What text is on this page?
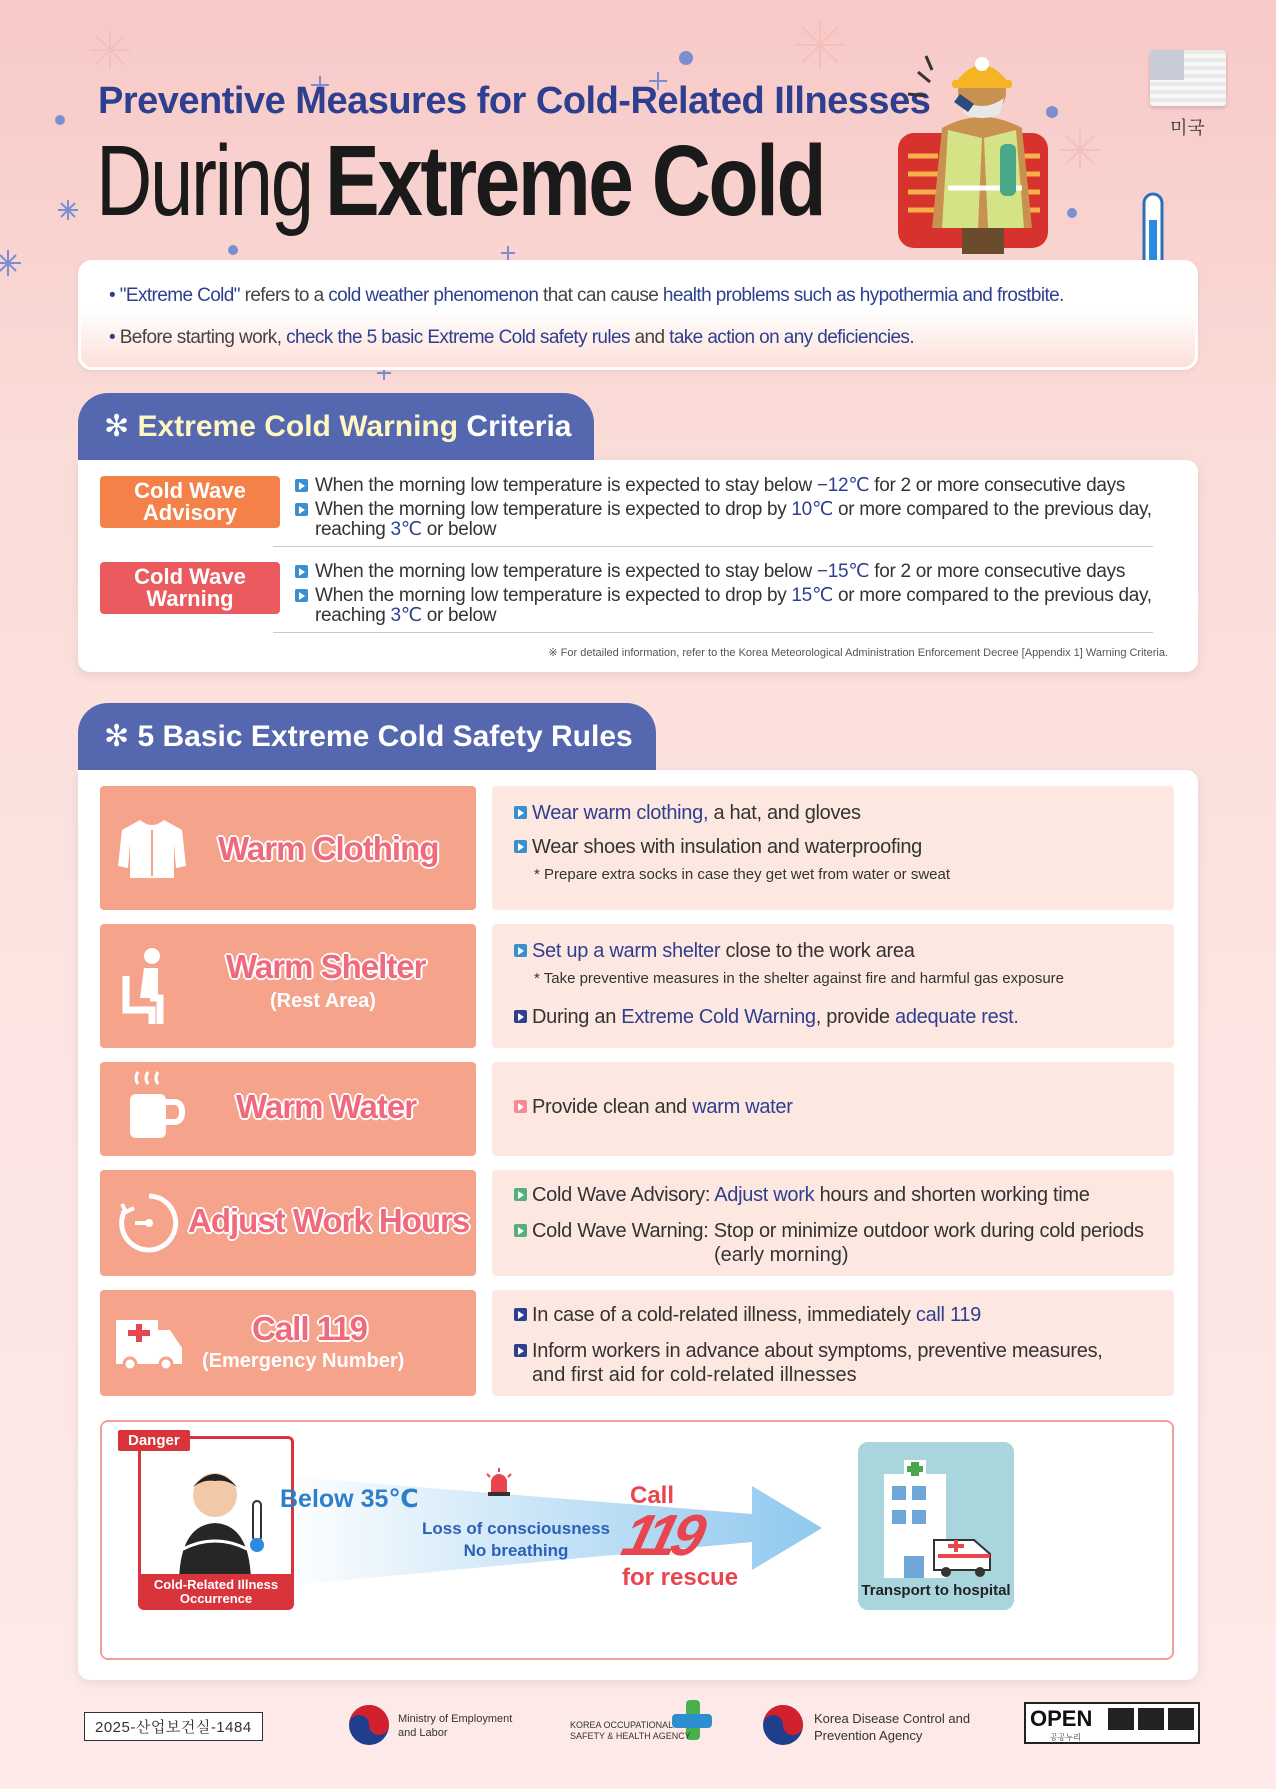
Preventive Measures for Cold-Related Illnesses
During Extreme Cold	미국

• "Extreme Cold" refers to a cold weather phenomenon that can cause health problems such as hypothermia and frostbite.

• Before starting work, check the 5 basic Extreme Cold safety rules and take action on any deficiencies.

✻ Extreme Cold Warning Criteria
Cold Wave
Advisory
When the morning low temperature is expected to stay below −12℃ for 2 or more consecutive days
When the morning low temperature is expected to drop by 10℃ or more compared to the previous day,
reaching 3℃ or below
Cold Wave
Warning
When the morning low temperature is expected to stay below −15℃ for 2 or more consecutive days
When the morning low temperature is expected to drop by 15℃ or more compared to the previous day,
reaching 3℃ or below
※ For detailed information, refer to the Korea Meteorological Administration Enforcement Decree [Appendix 1] Warning Criteria.
✻ 5 Basic Extreme Cold Safety Rules
Warm Clothing
Wear warm clothing, a hat, and gloves
Wear shoes with insulation and waterproofing
* Prepare extra socks in case they get wet from water or sweat
Warm Shelter
(Rest Area)
Set up a warm shelter close to the work area
* Take preventive measures in the shelter against fire and harmful gas exposure
During an Extreme Cold Warning, provide adequate rest.
Warm Water	Provide clean and warm water
Adjust Work Hours
Cold Wave Advisory: Adjust work hours and shorten working time
Cold Wave Warning: Stop or minimize outdoor work during cold periods
(early morning)
Call 119
(Emergency Number)
In case of a cold-related illness, immediately call 119
Inform workers in advance about symptoms, preventive measures,
and first aid for cold-related illnesses
Danger
Cold-Related Illness
Occurrence
Below 35℃
Loss of consciousness
No breathing
Call
119
for rescue	Transport to hospital
2025-산업보건실-1484	Ministry of Employment
and Labor
KOREA OCCUPATIONAL
SAFETY & HEALTH AGENCY
Korea Disease Control and
Prevention Agency
OPEN
공공누리
